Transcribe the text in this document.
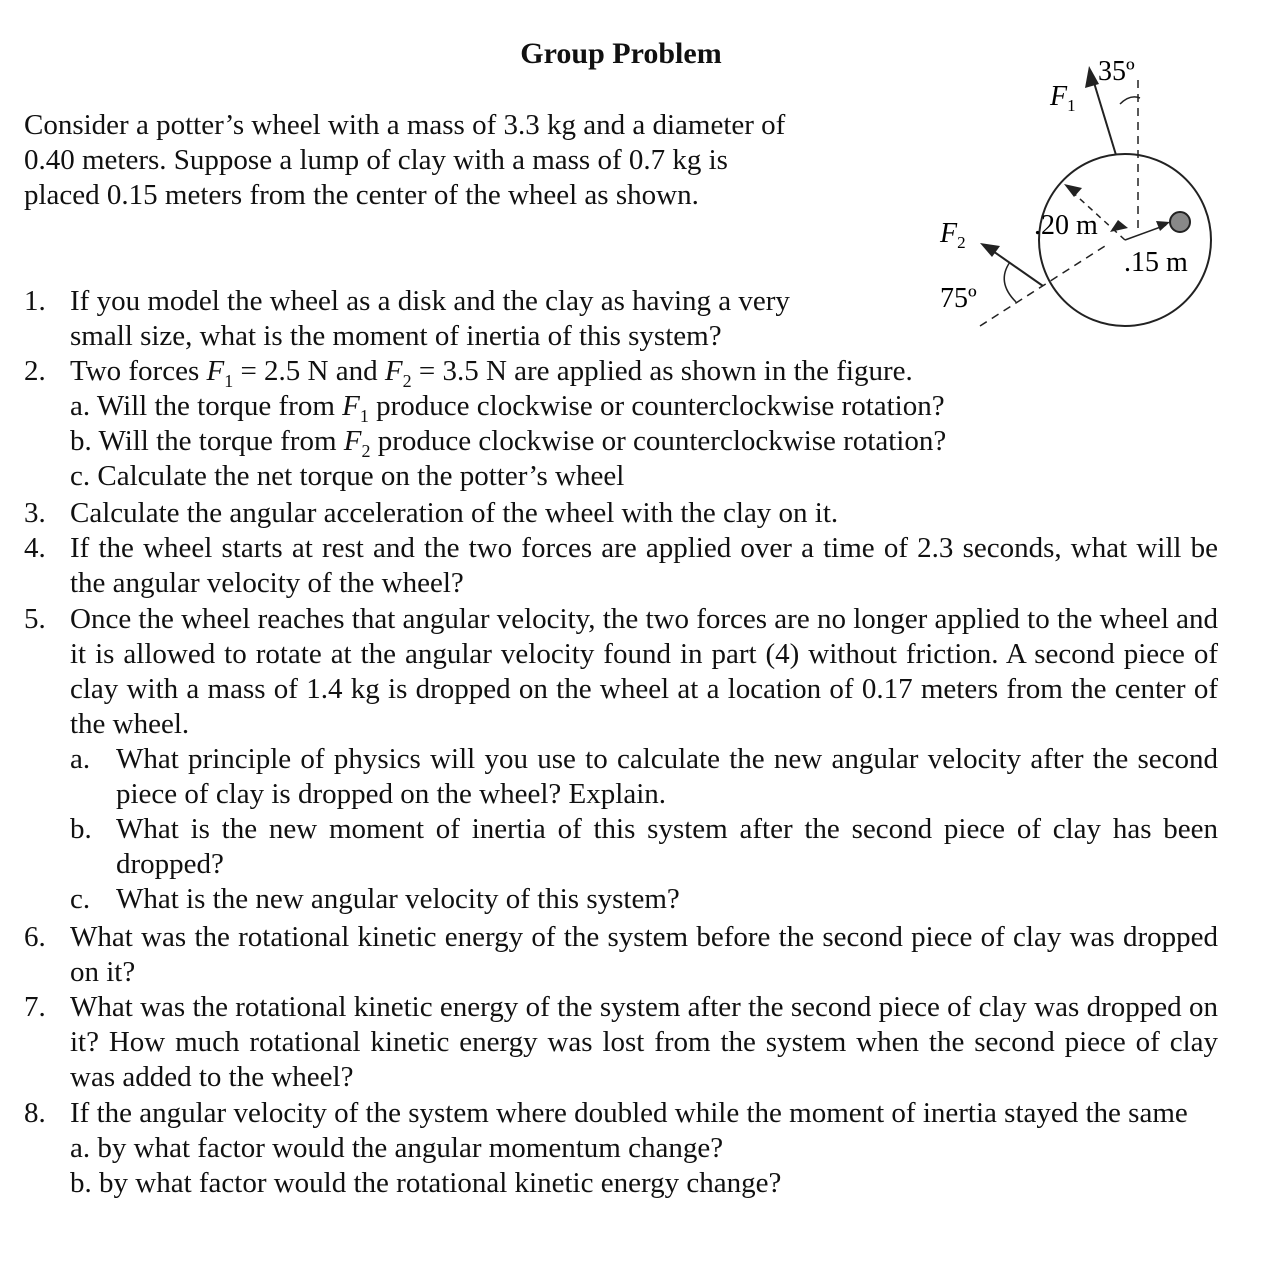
Group Problem
Consider a potter’s wheel with a mass of 3.3 kg and a diameter of
0.40 meters. Suppose a lump of clay with a mass of 0.7 kg is
placed 0.15 meters from the center of the wheel as shown.
$F_1$
35º
.20 m
.15 m
$F_2$
75º
1. If you model the wheel as a disk and the clay as having a very
small size, what is the moment of inertia of this system?
2. Two forces $F_1 = 2.5$ N and $F_2 = 3.5$ N are applied as shown in the figure.
a. Will the torque from $F_1$ produce clockwise or counterclockwise rotation?
b. Will the torque from $F_2$ produce clockwise or counterclockwise rotation?
c. Calculate the net torque on the potter’s wheel
3. Calculate the angular acceleration of the wheel with the clay on it.
4. If the wheel starts at rest and the two forces are applied over a time of 2.3 seconds, what will be the angular velocity of the wheel?
5. Once the wheel reaches that angular velocity, the two forces are no longer applied to the wheel and it is allowed to rotate at the angular velocity found in part (4) without friction. A second piece of clay with a mass of 1.4 kg is dropped on the wheel at a location of 0.17 meters from the center of the wheel.
a. What principle of physics will you use to calculate the new angular velocity after the second piece of clay is dropped on the wheel? Explain.
b. What is the new moment of inertia of this system after the second piece of clay has been dropped?
c. What is the new angular velocity of this system?
6. What was the rotational kinetic energy of the system before the second piece of clay was dropped on it?
7. What was the rotational kinetic energy of the system after the second piece of clay was dropped on it? How much rotational kinetic energy was lost from the system when the second piece of clay was added to the wheel?
8. If the angular velocity of the system where doubled while the moment of inertia stayed the same
a. by what factor would the angular momentum change?
b. by what factor would the rotational kinetic energy change?
